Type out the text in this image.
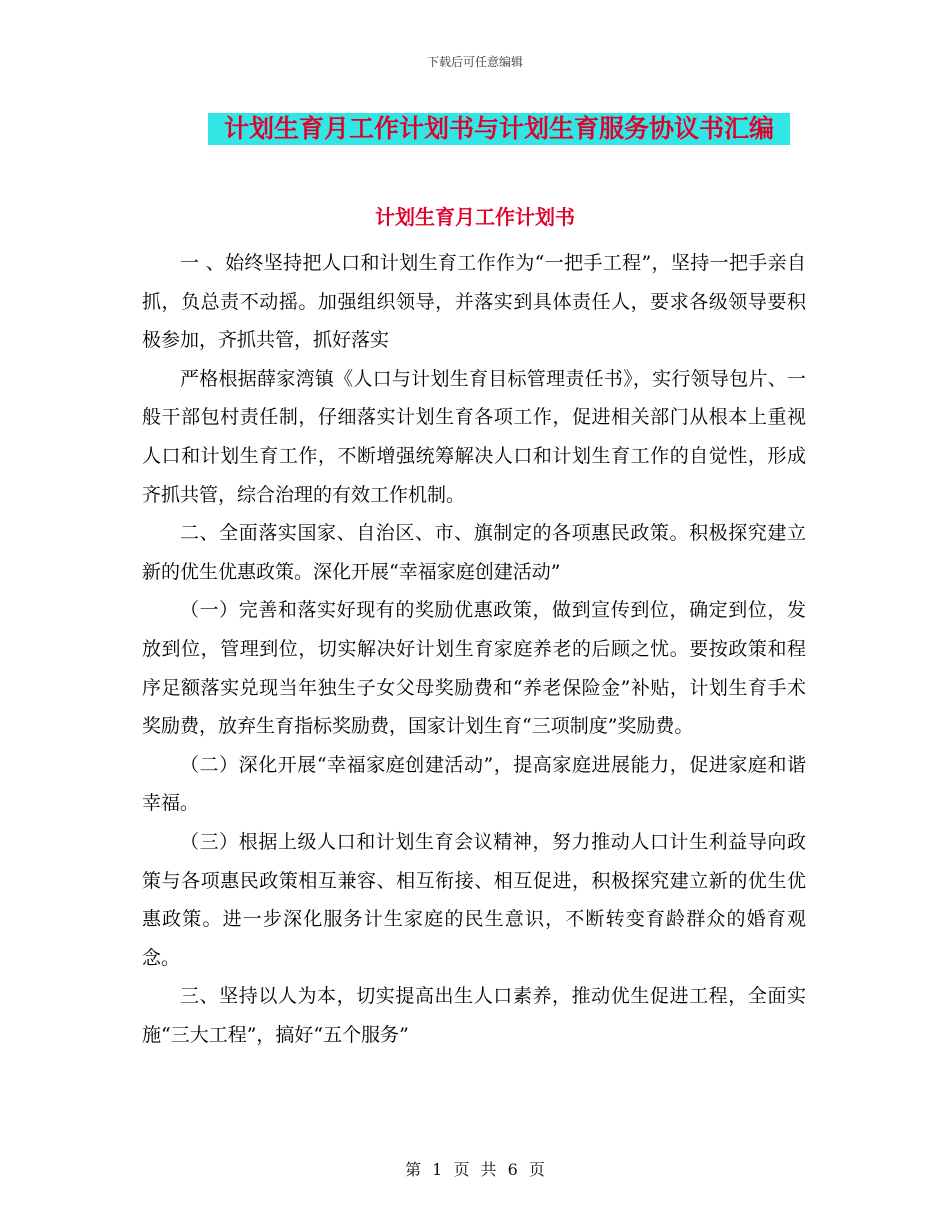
下载后可任意编辑
计划生育月工作计划书与计划生育服务协议书汇编
计划生育月工作计划书

一 、始终坚持把人口和计划生育工作作为“一把手工程”，坚持一把手亲自抓，负总责不动摇。加强组织领导，并落实到具体责任人，要求各级领导要积极参加，齐抓共管，抓好落实

严格根据薛家湾镇《人口与计划生育目标管理责任书》，实行领导包片、一般干部包村责任制，仔细落实计划生育各项工作，促进相关部门从根本上重视人口和计划生育工作，不断增强统筹解决人口和计划生育工作的自觉性，形成齐抓共管，综合治理的有效工作机制。

二、全面落实国家、自治区、市、旗制定的各项惠民政策。积极探究建立新的优生优惠政策。深化开展“幸福家庭创建活动”

（一）完善和落实好现有的奖励优惠政策，做到宣传到位，确定到位，发放到位，管理到位，切实解决好计划生育家庭养老的后顾之忧。要按政策和程序足额落实兑现当年独生子女父母奖励费和“养老保险金”补贴，计划生育手术奖励费，放弃生育指标奖励费，国家计划生育“三项制度”奖励费。

（二）深化开展“幸福家庭创建活动”，提高家庭进展能力，促进家庭和谐幸福。

（三）根据上级人口和计划生育会议精神，努力推动人口计生利益导向政策与各项惠民政策相互兼容、相互衔接、相互促进，积极探究建立新的优生优惠政策。进一步深化服务计生家庭的民生意识，不断转变育龄群众的婚育观念。

三、坚持以人为本，切实提高出生人口素养，推动优生促进工程，全面实施“三大工程”，搞好“五个服务”

第 1 页 共 6 页
